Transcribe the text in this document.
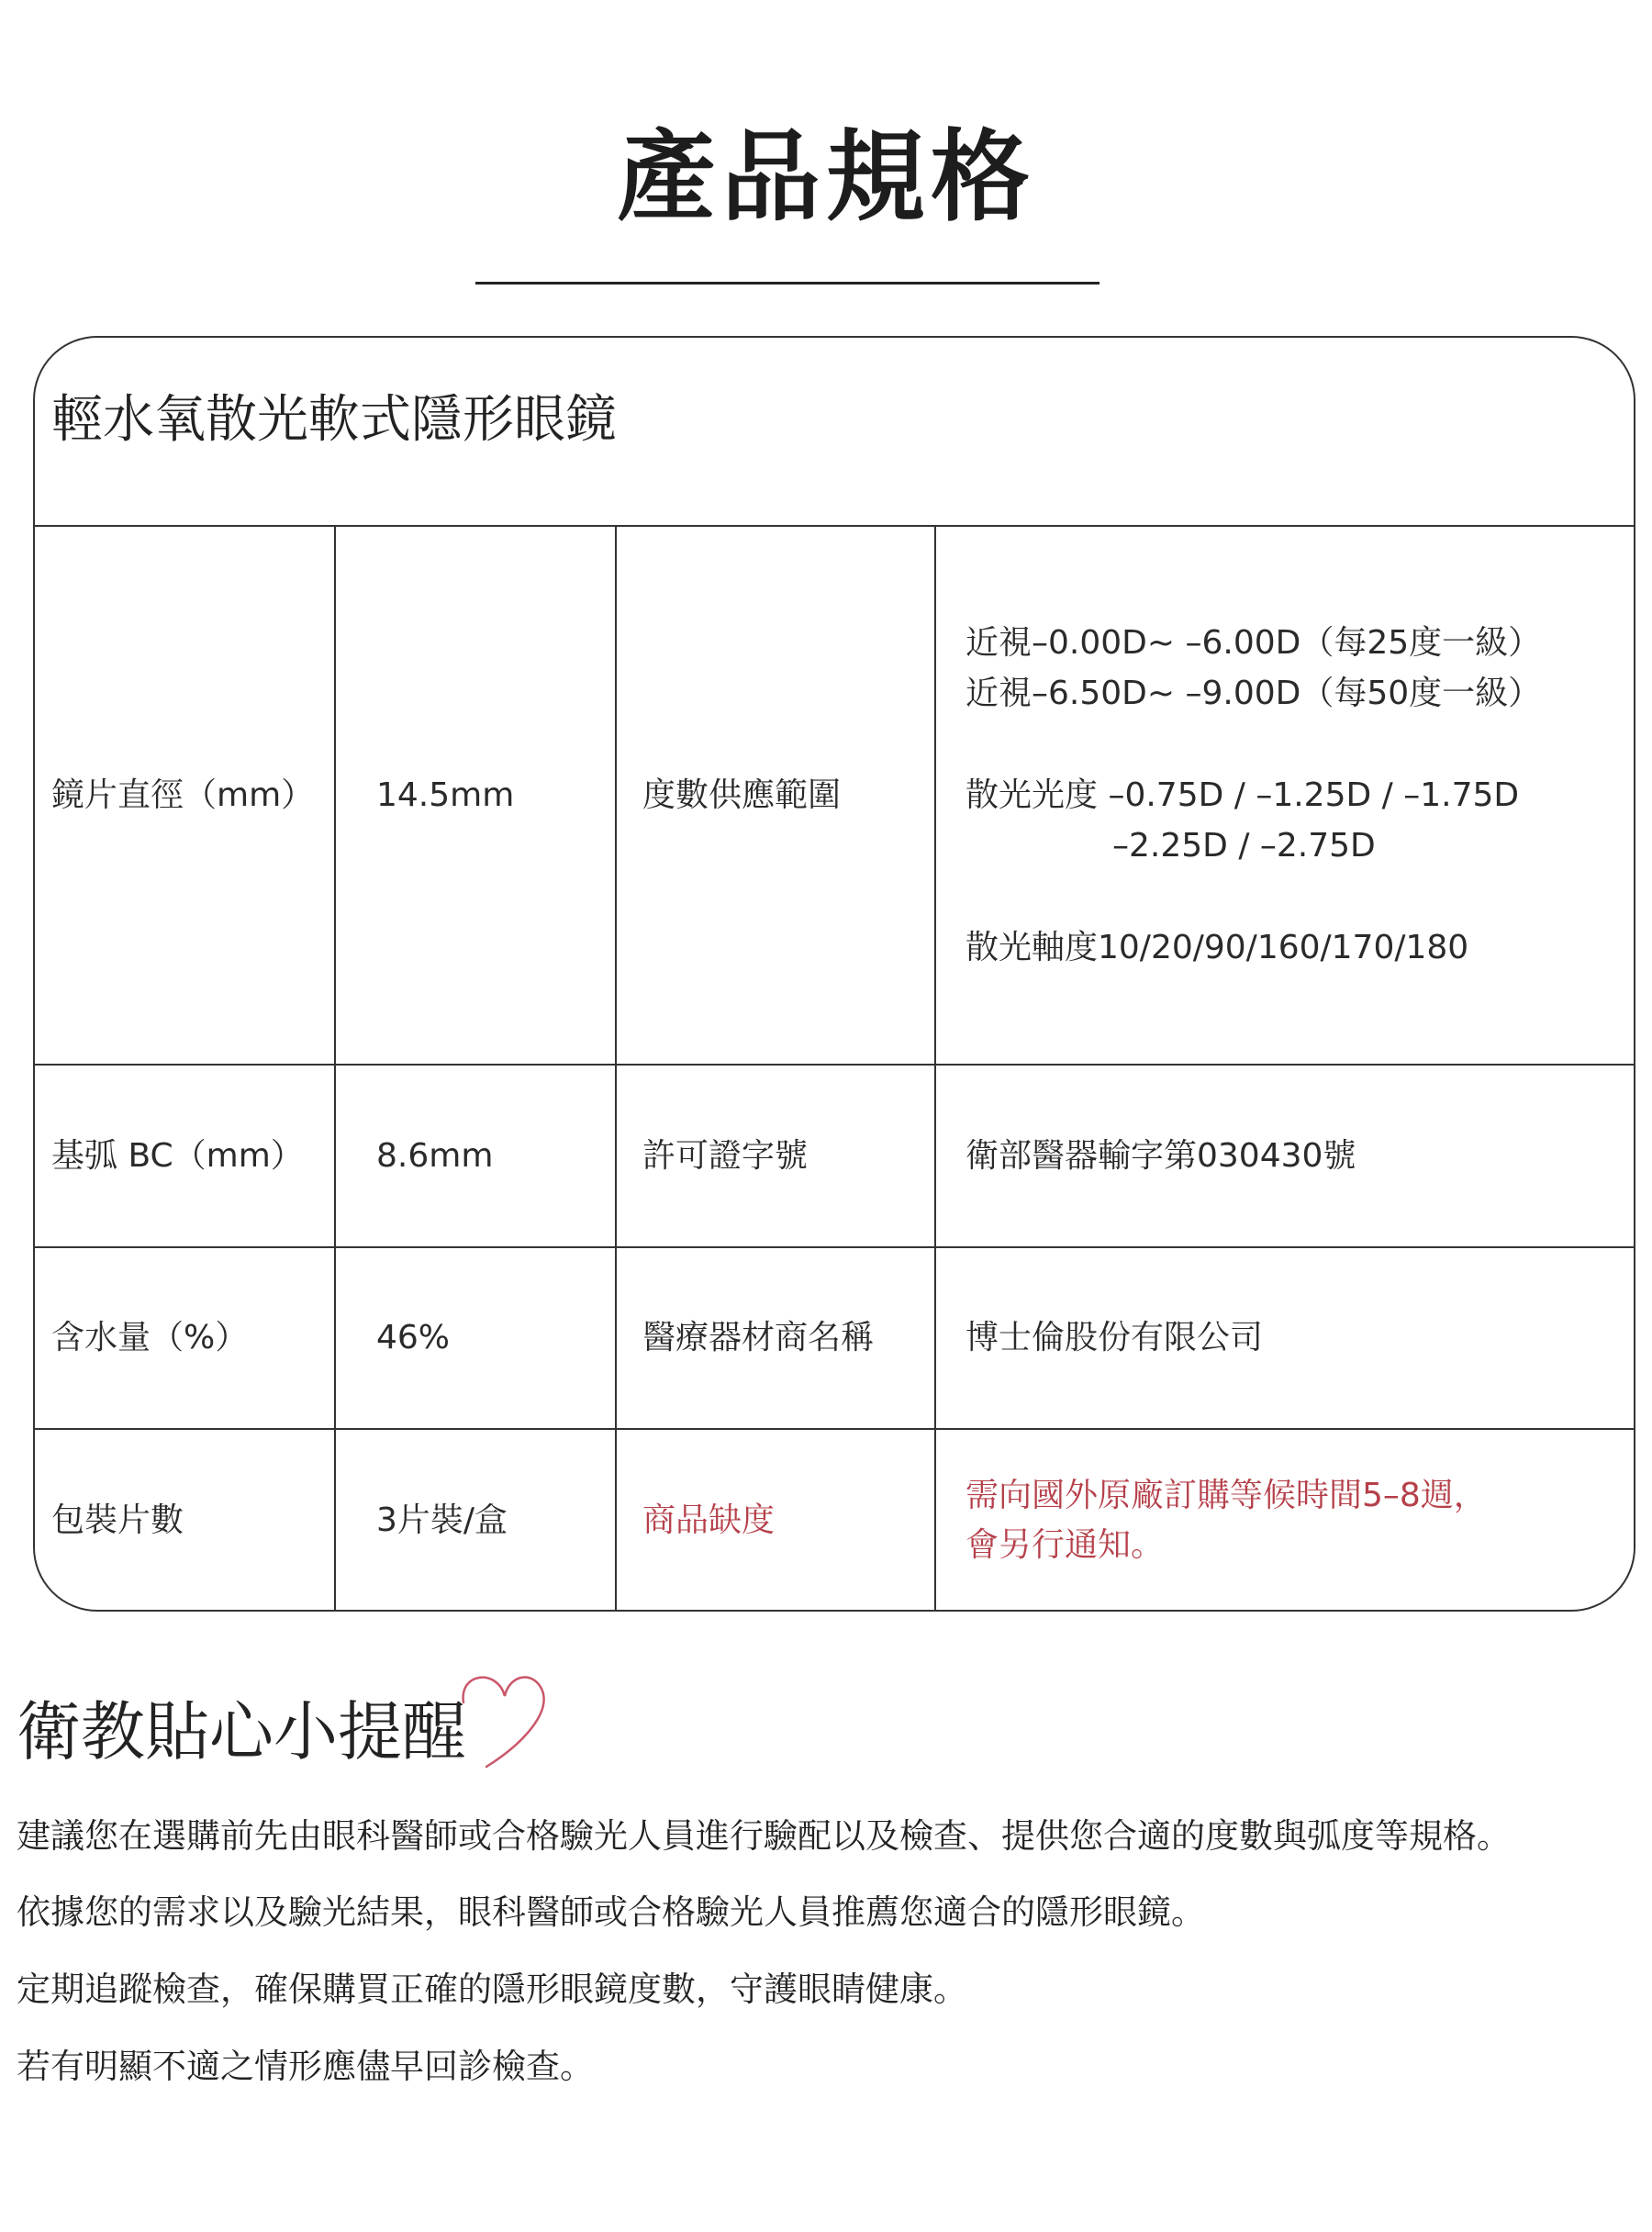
產品規格
輕水氧散光軟式隱形眼鏡
鏡片直徑（mm） 14.5mm	度數供應範圍
近視–0.00D~ –6.00D（每25度一級）
近視–6.50D~ –9.00D（每50度一級）
散光光度 –0.75D / –1.25D / –1.75D
–2.25D / –2.75D
散光軸度10/20/90/160/170/180
基弧 BC（mm） 8.6mm	許可證字號	衛部醫器輸字第030430號
含水量（%）	46%	醫療器材商名稱	博士倫股份有限公司
包裝片數	3片裝/盒	商品缺度
需向國外原廠訂購等候時間5–8週，
會另行通知。
衛教貼心小提醒
建議您在選購前先由眼科醫師或合格驗光人員進行驗配以及檢查、提供您合適的度數與弧度等規格。
依據您的需求以及驗光結果，眼科醫師或合格驗光人員推薦您適合的隱形眼鏡。
定期追蹤檢查，確保購買正確的隱形眼鏡度數，守護眼睛健康。
若有明顯不適之情形應儘早回診檢查。
